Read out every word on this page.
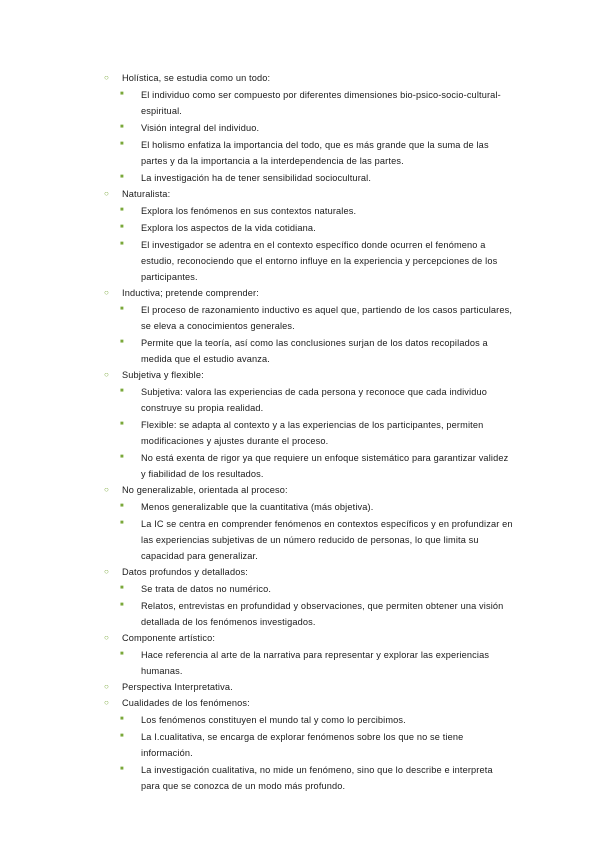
○	Holística, se estudia como un todo:
■	El individuo como ser compuesto por diferentes dimensiones bio-psico-socio-cultural-espiritual.
■	Visión integral del individuo.
■	El holismo enfatiza la importancia del todo, que es más grande que la suma de las partes y da la importancia a la interdependencia de las partes.
■	La investigación ha de tener sensibilidad sociocultural.
○	Naturalista:
■	Explora los fenómenos en sus contextos naturales.
■	Explora los aspectos de la vida cotidiana.
■	El investigador se adentra en el contexto específico donde ocurren el fenómeno a estudio, reconociendo que el entorno influye en la experiencia y percepciones de los participantes.
○	Inductiva; pretende comprender:
■	El proceso de razonamiento inductivo es aquel que, partiendo de los casos particulares, se eleva a conocimientos generales.
■	Permite que la teoría, así como las conclusiones surjan de los datos recopilados a medida que el estudio avanza.
○	Subjetiva y flexible:
■	Subjetiva: valora las experiencias de cada persona y reconoce que cada individuo construye su propia realidad.
■	Flexible: se adapta al contexto y a las experiencias de los participantes, permiten modificaciones y ajustes durante el proceso.
■	No está exenta de rigor ya que requiere un enfoque sistemático para garantizar validez y fiabilidad de los resultados.
○	No generalizable, orientada al proceso:
■	Menos generalizable que la cuantitativa (más objetiva).
■	La IC se centra en comprender fenómenos en contextos específicos y en profundizar en las experiencias subjetivas de un número reducido de personas, lo que limita su capacidad para generalizar.
○	Datos profundos y detallados:
■	Se trata de datos no numérico.
■	Relatos, entrevistas en profundidad y observaciones, que permiten obtener una visión detallada de los fenómenos investigados.
○	Componente artístico:
■	Hace referencia al arte de la narrativa para representar y explorar las experiencias humanas.
○	Perspectiva Interpretativa.
○	Cualidades de los fenómenos:
■	Los fenómenos constituyen el mundo tal y como lo percibimos.
■	La I.cualitativa, se encarga de explorar fenómenos sobre los que no se tiene información.
■	La investigación cualitativa, no mide un fenómeno, sino que lo describe e interpreta para que se conozca de un modo más profundo.
